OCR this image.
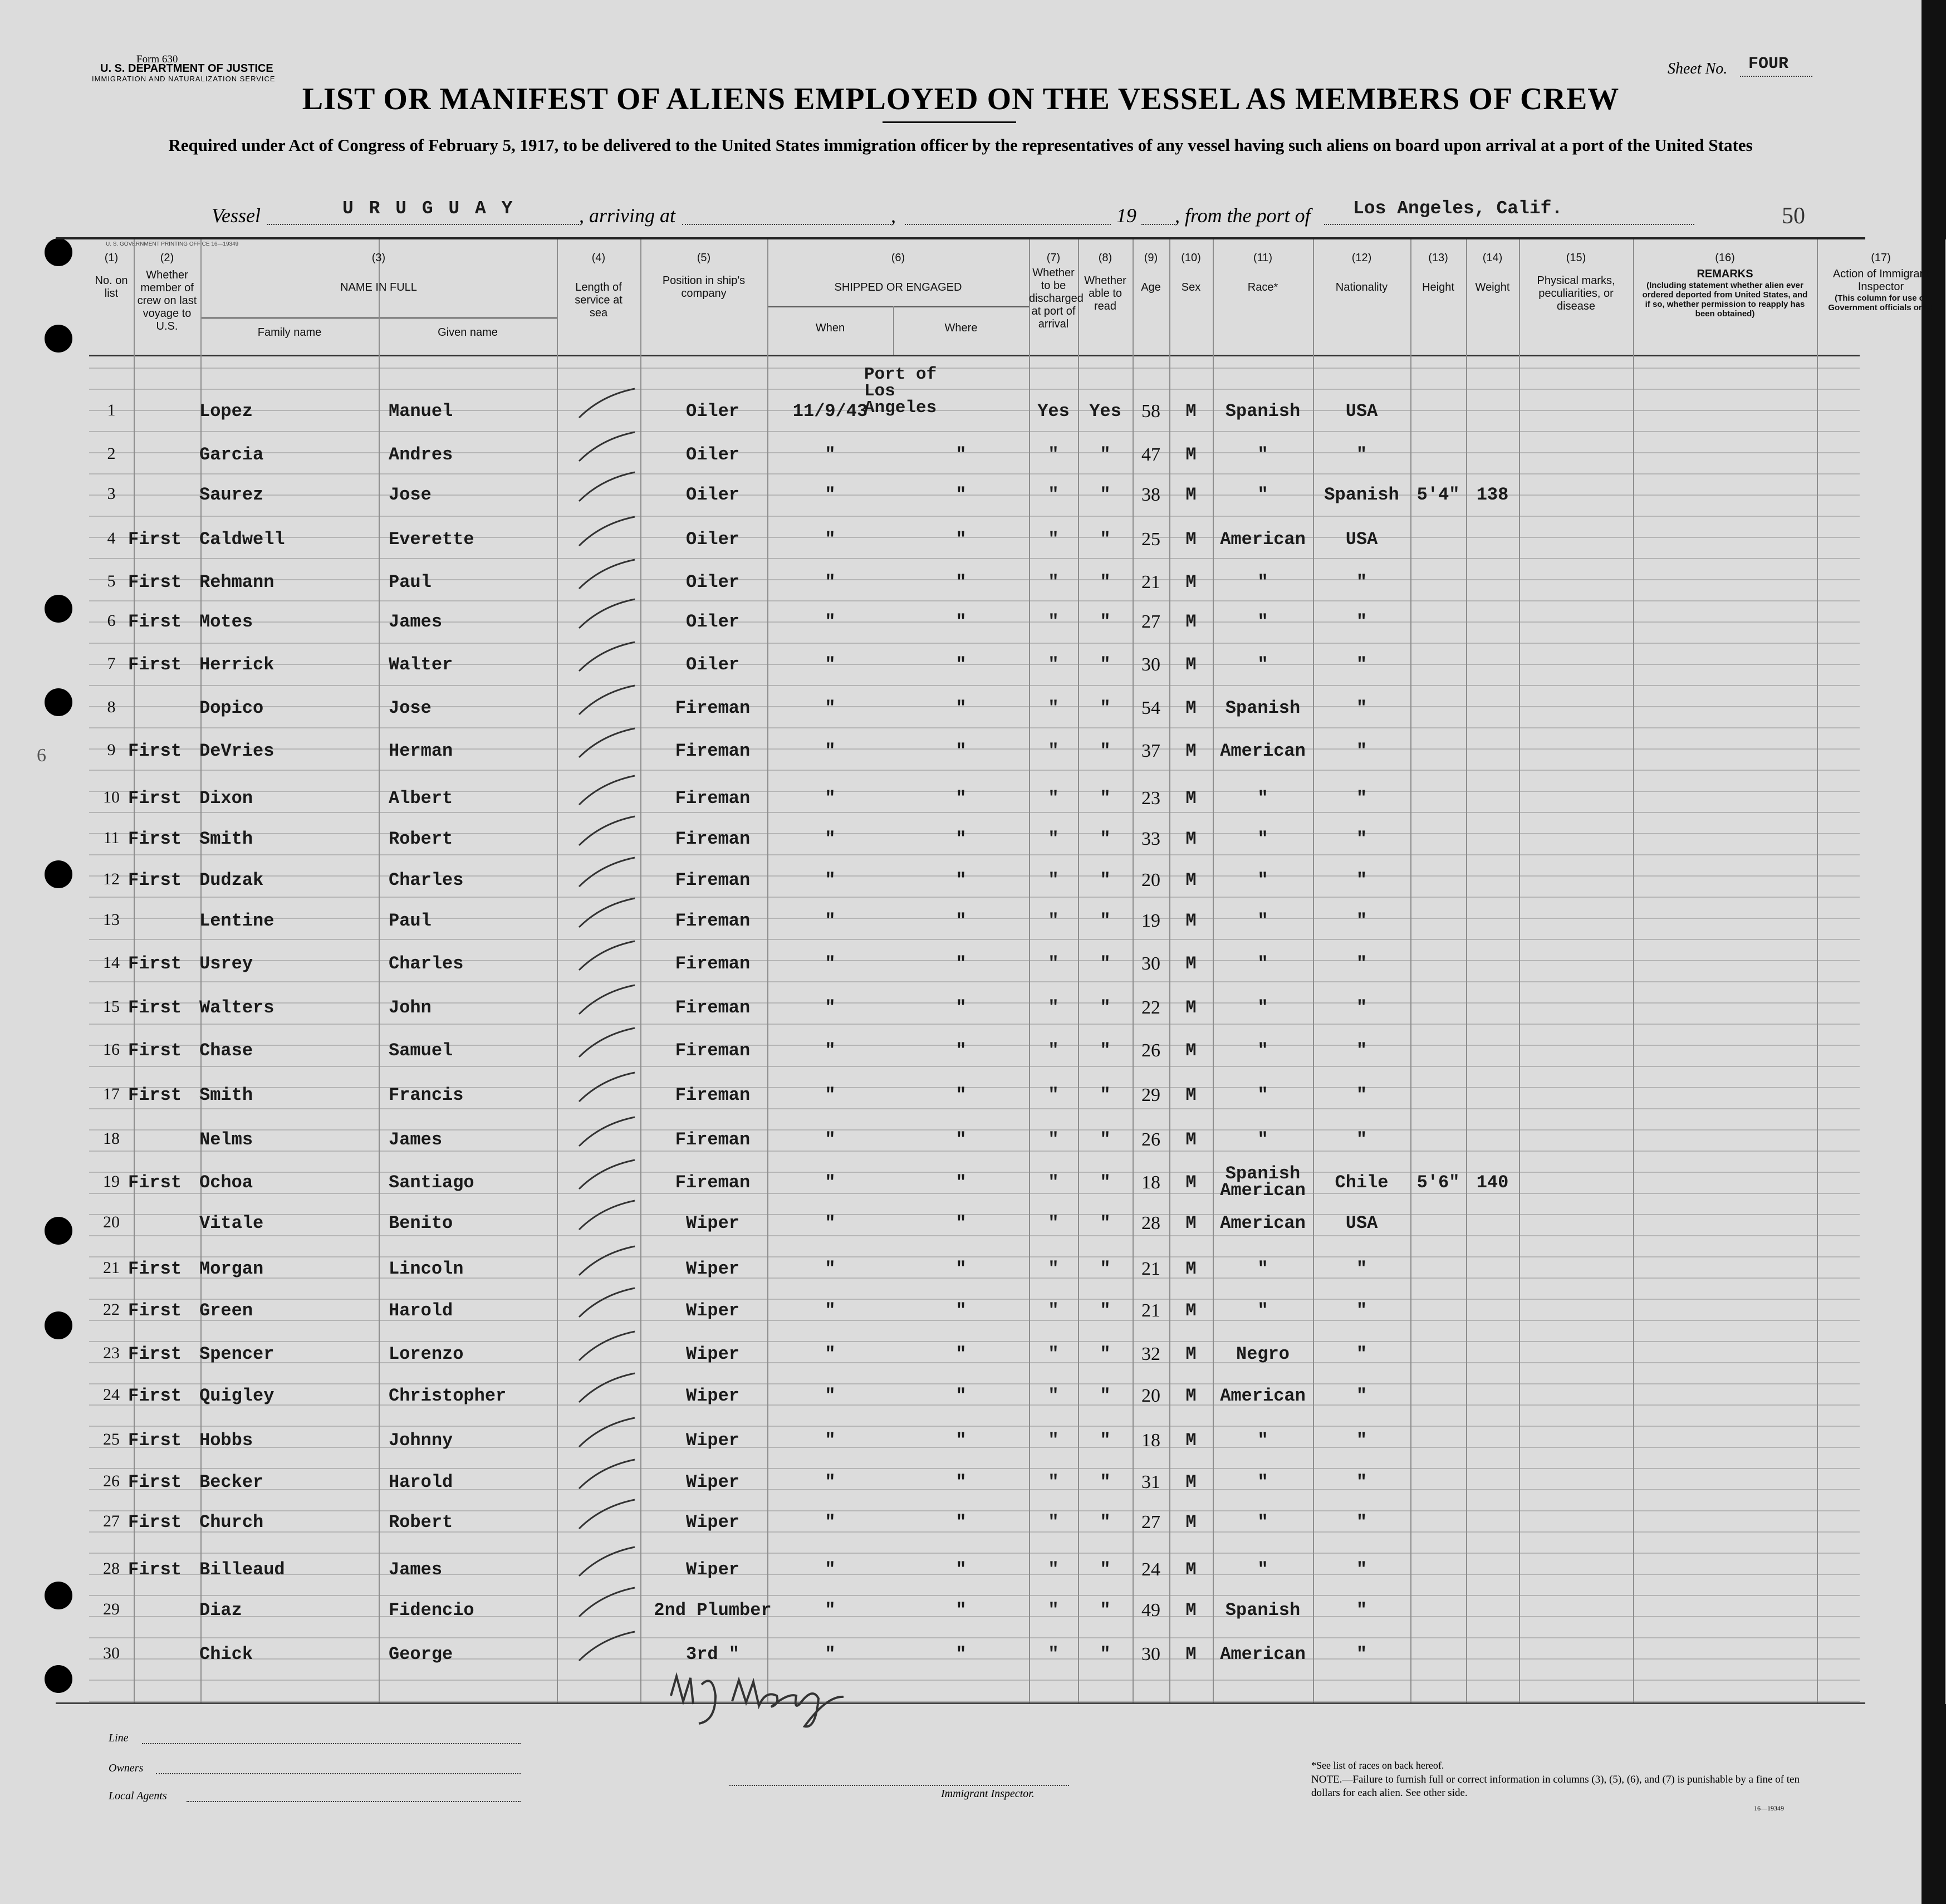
Form 630
U. S. DEPARTMENT OF JUSTICE
IMMIGRATION AND NATURALIZATION SERVICE
Sheet No. FOUR
LIST OR MANIFEST OF ALIENS EMPLOYED ON THE VESSEL AS MEMBERS OF CREW
Required under Act of Congress of February 5, 1917, to be delivered to the United States immigration officer by the representatives of any vessel having such aliens on board upon arrival at a port of the United States
Vessel	U R U G U A Y	, arriving at	,	19 , from the port of Los Angeles, Calif.	50
U. S. GOVERNMENT PRINTING OFFICE 16—19349
6
(1)
No. on list
(2)
Whether member of crew on last voyage to U.S.
(3)
NAME IN FULL
Family name	Given name
(4)
Length of service at sea
(5)
Position in ship's company
(6)
SHIPPED OR ENGAGED
When	Where
(7)
Whether to be discharged at port of arrival
(8)
Whether able to read
(9)
Age
(10)
Sex
(11)
Race*
(12)
Nationality
(13)
Height
(14)
Weight
(15)
Physical marks, peculiarities, or disease
(16)
REMARKS
(Including statement whether alien ever ordered deported from United States, and if so, whether permission to reapply has been obtained)
(17)
Action of Immigrant Inspector
(This column for use of Government officials only)
1	Lopez	Manuel	Oiler	11/9/43	Yes	Yes	58	M	Spanish	USA
2	Garcia	Andres	Oiler	"	"	"	"	47	M	"	"
3	Saurez	Jose	Oiler	"	"	"	"	38	M	"	Spanish 5'4" 138
4 First Caldwell	Everette	Oiler	"	"	"	"	25	M	American	USA
5 First Rehmann	Paul	Oiler	"	"	"	"	21	M	"	"
6 First Motes	James	Oiler	"	"	"	"	27	M	"	"
7 First Herrick	Walter	Oiler	"	"	"	"	30	M	"	"
8	Dopico	Jose	Fireman	"	"	"	"	54	M	Spanish	"
9 First DeVries	Herman	Fireman	"	"	"	"	37	M	American	"
10 First Dixon	Albert	Fireman	"	"	"	"	23	M	"	"
11 First Smith	Robert	Fireman	"	"	"	"	33	M	"	"
12 First Dudzak	Charles	Fireman	"	"	"	"	20	M	"	"
13	Lentine	Paul	Fireman	"	"	"	"	19	M	"	"
14 First Usrey	Charles	Fireman	"	"	"	"	30	M	"	"
15 First Walters	John	Fireman	"	"	"	"	22	M	"	"
16 First Chase	Samuel	Fireman	"	"	"	"	26	M	"	"
17 First Smith	Francis	Fireman	"	"	"	"	29	M	"	"
18	Nelms	James	Fireman	"	"	"	"	26	M	"	"
19 First Ochoa	Santiago	Fireman	"	"	"	"	18	M	Spanish American	Chile	5'6" 140
20	Vitale	Benito	Wiper	"	"	"	"	28	M	American	USA
21 First Morgan	Lincoln	Wiper	"	"	"	"	21	M	"	"
22 First Green	Harold	Wiper	"	"	"	"	21	M	"	"
23 First Spencer	Lorenzo	Wiper	"	"	"	"	32	M	Negro	"
24 First Quigley	Christopher	Wiper	"	"	"	"	20	M	American	"
25 First Hobbs	Johnny	Wiper	"	"	"	"	18	M	"	"
26 First Becker	Harold	Wiper	"	"	"	"	31	M	"	"
27 First Church	Robert	Wiper	"	"	"	"	27	M	"	"
28 First Billeaud	James	Wiper	"	"	"	"	24	M	"	"
29	Diaz	Fidencio	2nd Plumber	"	"	"	"	49	M	Spanish	"
30	Chick	George	3rd "	"	"	"	"	30	M	American	"
Port of Los Angeles
Line
Owners
Local Agents	Immigrant Inspector.
*See list of races on back hereof.
NOTE.—Failure to furnish full or correct information in columns (3), (5), (6), and (7) is punishable by a fine of ten dollars for each alien. See other side.
16—19349
